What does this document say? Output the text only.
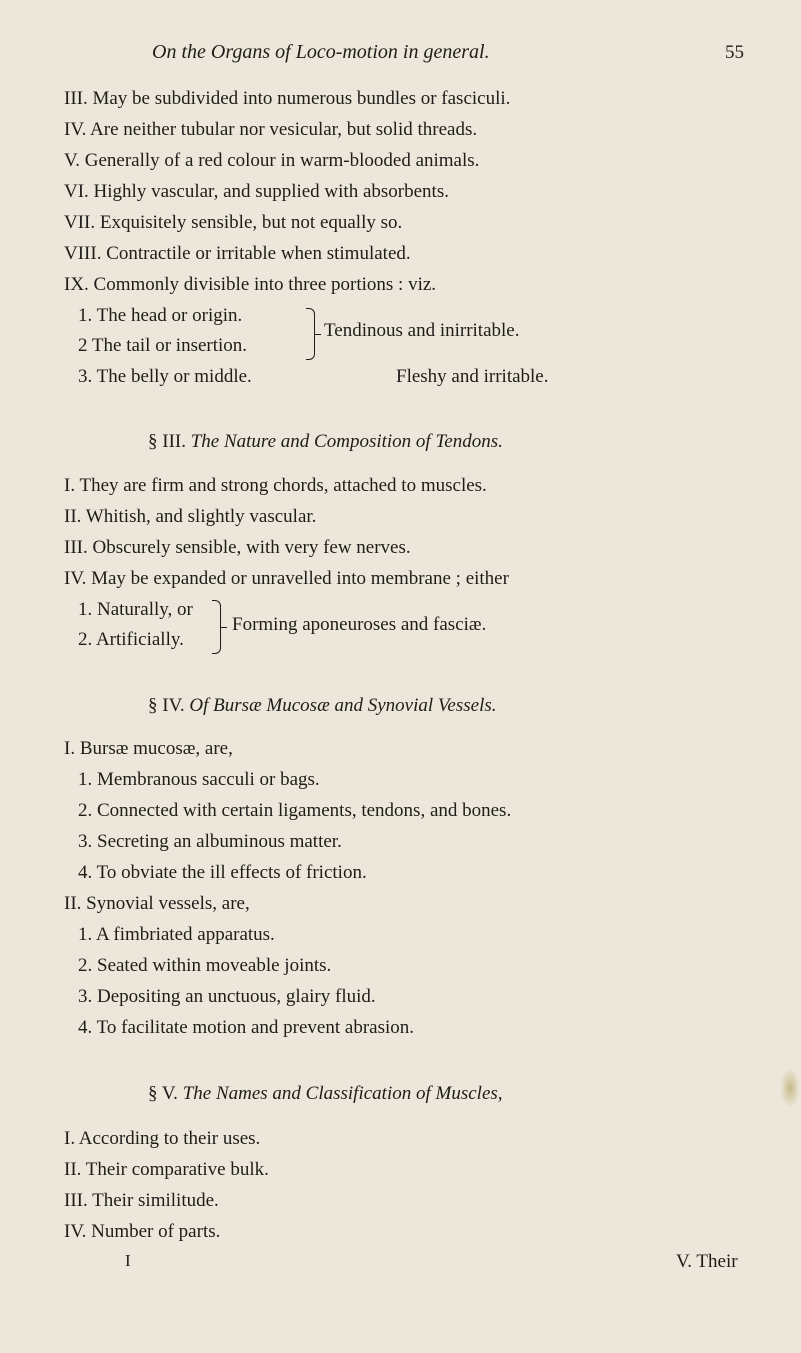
On the Organs of Loco-motion in general.	55
III. May be subdivided into numerous bundles or fasciculi.
IV. Are neither tubular nor vesicular, but solid threads.
V. Generally of a red colour in warm-blooded animals.
VI. Highly vascular, and supplied with absorbents.
VII. Exquisitely sensible, but not equally so.
VIII. Contractile or irritable when stimulated.
IX. Commonly divisible into three portions : viz.
1. The head or origin.
2 The tail or insertion.
Tendinous and inirritable.
3. The belly or middle.	Fleshy and irritable.
§ III. The Nature and Composition of Tendons.
I. They are firm and strong chords, attached to muscles.
II. Whitish, and slightly vascular.
III. Obscurely sensible, with very few nerves.
IV. May be expanded or unravelled into membrane ; either
1. Naturally, or
2. Artificially.
Forming aponeuroses and fasciæ.
§ IV. Of Bursæ Mucosæ and Synovial Vessels.
I. Bursæ mucosæ, are,
1. Membranous sacculi or bags.
2. Connected with certain ligaments, tendons, and bones.
3. Secreting an albuminous matter.
4. To obviate the ill effects of friction.
II. Synovial vessels, are,
1. A fimbriated apparatus.
2. Seated within moveable joints.
3. Depositing an unctuous, glairy fluid.
4. To facilitate motion and prevent abrasion.
§ V. The Names and Classification of Muscles,
I. According to their uses.
II. Their comparative bulk.
III. Their similitude.
IV. Number of parts.
I	V. Their
